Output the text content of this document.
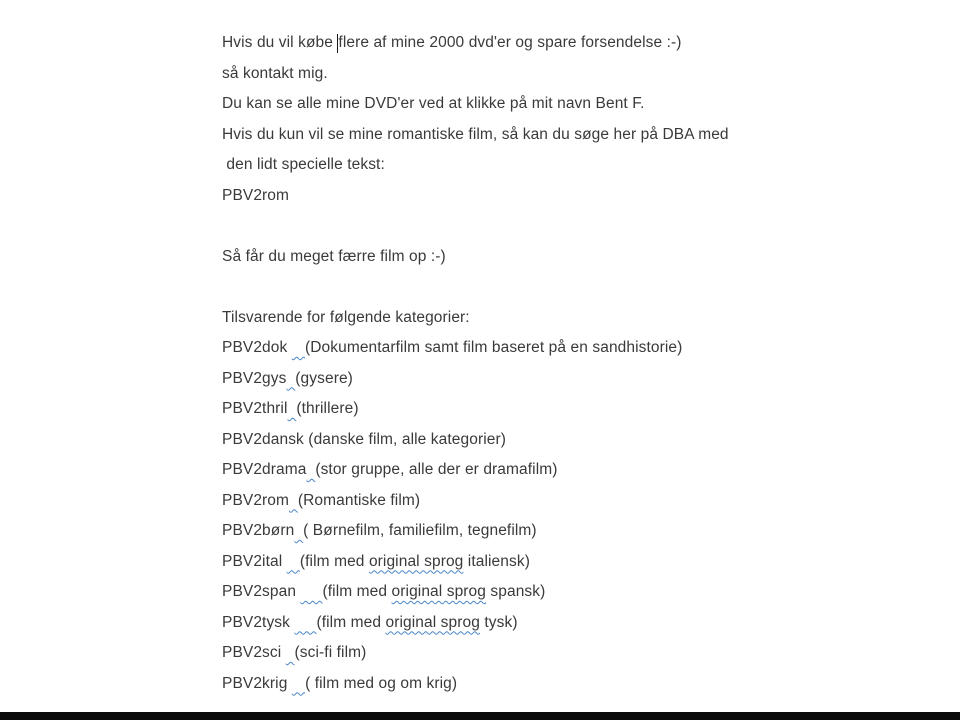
Hvis du vil købe flere af mine 2000 dvd'er og spare forsendelse :-)
så kontakt mig.
Du kan se alle mine DVD'er ved at klikke på mit navn Bent F.
Hvis du kun vil se mine romantiske film, så kan du søge her på DBA med
den lidt specielle tekst:
PBV2rom
Så får du meget færre film op :-)
Tilsvarende for følgende kategorier:
PBV2dok    (Dokumentarfilm samt film baseret på en sandhistorie)
PBV2gys (gysere)
PBV2thril (thrillere)
PBV2dansk (danske film, alle kategorier)
PBV2drama (stor gruppe, alle der er dramafilm)
PBV2rom (Romantiske film)
PBV2børn ( Børnefilm, familiefilm, tegnefilm)
PBV2ital    (film med original sprog italiensk)
PBV2span      (film med original sprog spansk)
PBV2tysk      (film med original sprog tysk)
PBV2sci   (sci-fi film)
PBV2krig    ( film med og om krig)
